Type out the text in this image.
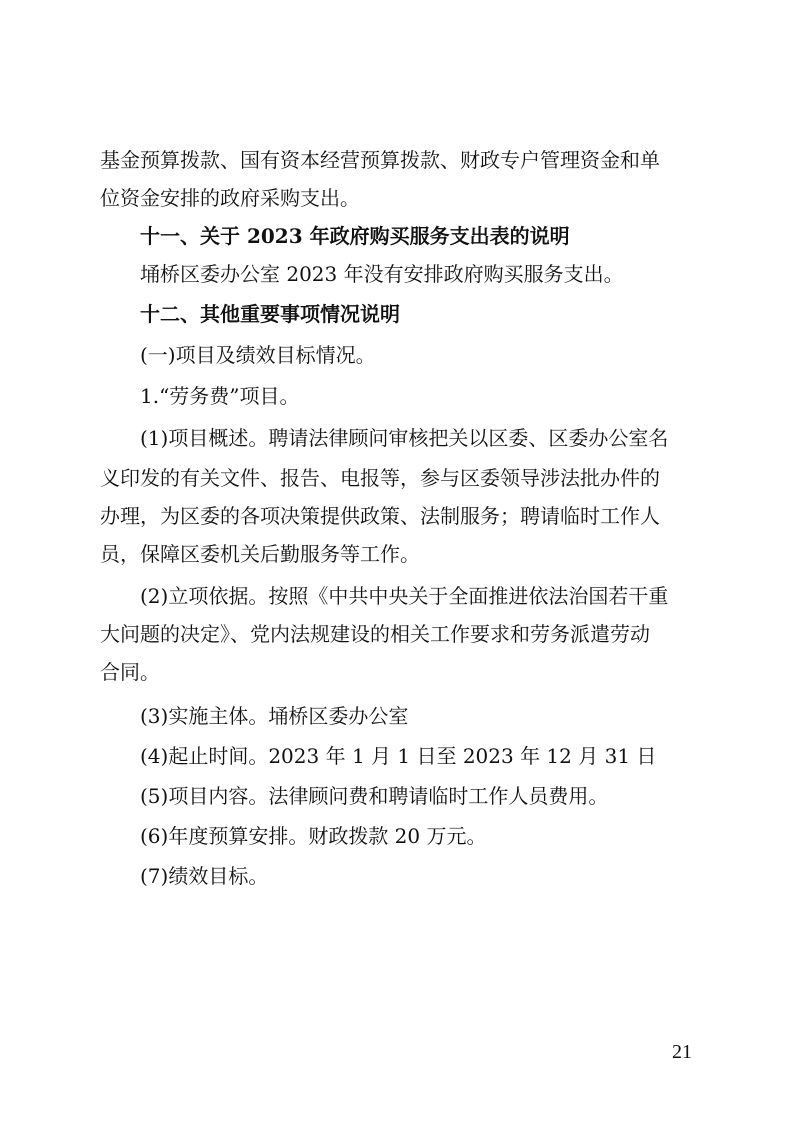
基金预算拨款、国有资本经营预算拨款、财政专户管理资金和单
位资金安排的政府采购支出。
十一、关于 2023 年政府购买服务支出表的说明
埇桥区委办公室 2023 年没有安排政府购买服务支出。
十二、其他重要事项情况说明
(一)项目及绩效目标情况。
1.“劳务费”项目。
(1)项目概述。聘请法律顾问审核把关以区委、区委办公室名
义印发的有关文件、报告、电报等，参与区委领导涉法批办件的
办理，为区委的各项决策提供政策、法制服务；聘请临时工作人
员，保障区委机关后勤服务等工作。
(2)立项依据。按照《中共中央关于全面推进依法治国若干重
大问题的决定》、党内法规建设的相关工作要求和劳务派遣劳动
合同。
(3)实施主体。埇桥区委办公室
(4)起止时间。2023 年 1 月 1 日至 2023 年 12 月 31 日
(5)项目内容。法律顾问费和聘请临时工作人员费用。
(6)年度预算安排。财政拨款 20 万元。
(7)绩效目标。
21
